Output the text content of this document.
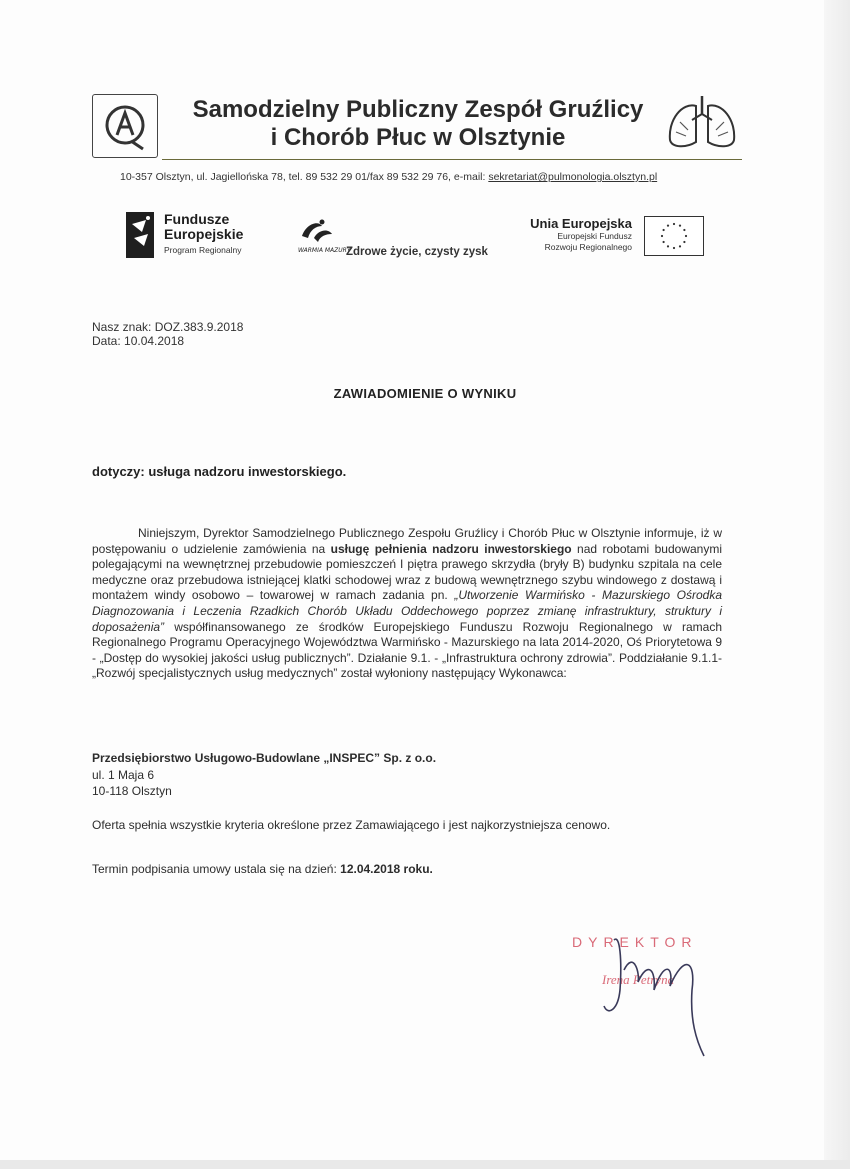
Samodzielny Publiczny Zespół Gruźlicy
i Chorób Płuc w Olsztynie
10-357 Olsztyn, ul. Jagiellońska 78, tel. 89 532 29 01/fax 89 532 29 76, e-mail: sekretariat@pulmonologia.olsztyn.pl
Fundusze
Europejskie
Program Regionalny	WARMIA MAZURY
Zdrowe życie, czysty zysk
Unia Europejska
Europejski Fundusz
Rozwoju Regionalnego
Nasz znak: DOZ.383.9.2018
Data: 10.04.2018
ZAWIADOMIENIE O WYNIKU
dotyczy: usługa nadzoru inwestorskiego.
Niniejszym, Dyrektor Samodzielnego Publicznego Zespołu Gruźlicy i Chorób Płuc w Olsztynie informuje, iż w postępowaniu o udzielenie zamówienia na usługę pełnienia nadzoru inwestorskiego nad robotami budowanymi polegającymi na wewnętrznej przebudowie pomieszczeń I piętra prawego skrzydła (bryły B) budynku szpitala na cele medyczne oraz przebudowa istniejącej klatki schodowej wraz z budową wewnętrznego szybu windowego z dostawą i montażem windy osobowo – towarowej w ramach zadania pn. „Utworzenie Warmińsko - Mazurskiego Ośrodka Diagnozowania i Leczenia Rzadkich Chorób Układu Oddechowego poprzez zmianę infrastruktury, struktury i doposażenia” współfinansowanego ze środków Europejskiego Funduszu Rozwoju Regionalnego w ramach Regionalnego Programu Operacyjnego Województwa Warmińsko - Mazurskiego na lata 2014-2020, Oś Priorytetowa 9 - „Dostęp do wysokiej jakości usług publicznych”. Działanie 9.1. - „Infrastruktura ochrony zdrowia”. Poddziałanie 9.1.1- „Rozwój specjalistycznych usług medycznych” został wyłoniony następujący Wykonawca:
Przedsiębiorstwo Usługowo-Budowlane „INSPEC” Sp. z o.o.
ul. 1 Maja 6
10-118 Olsztyn
Oferta spełnia wszystkie kryteria określone przez Zamawiającego i jest najkorzystniejsza cenowo.
Termin podpisania umowy ustala się na dzień: 12.04.2018 roku.
DYREKTOR
Irena Petryna
